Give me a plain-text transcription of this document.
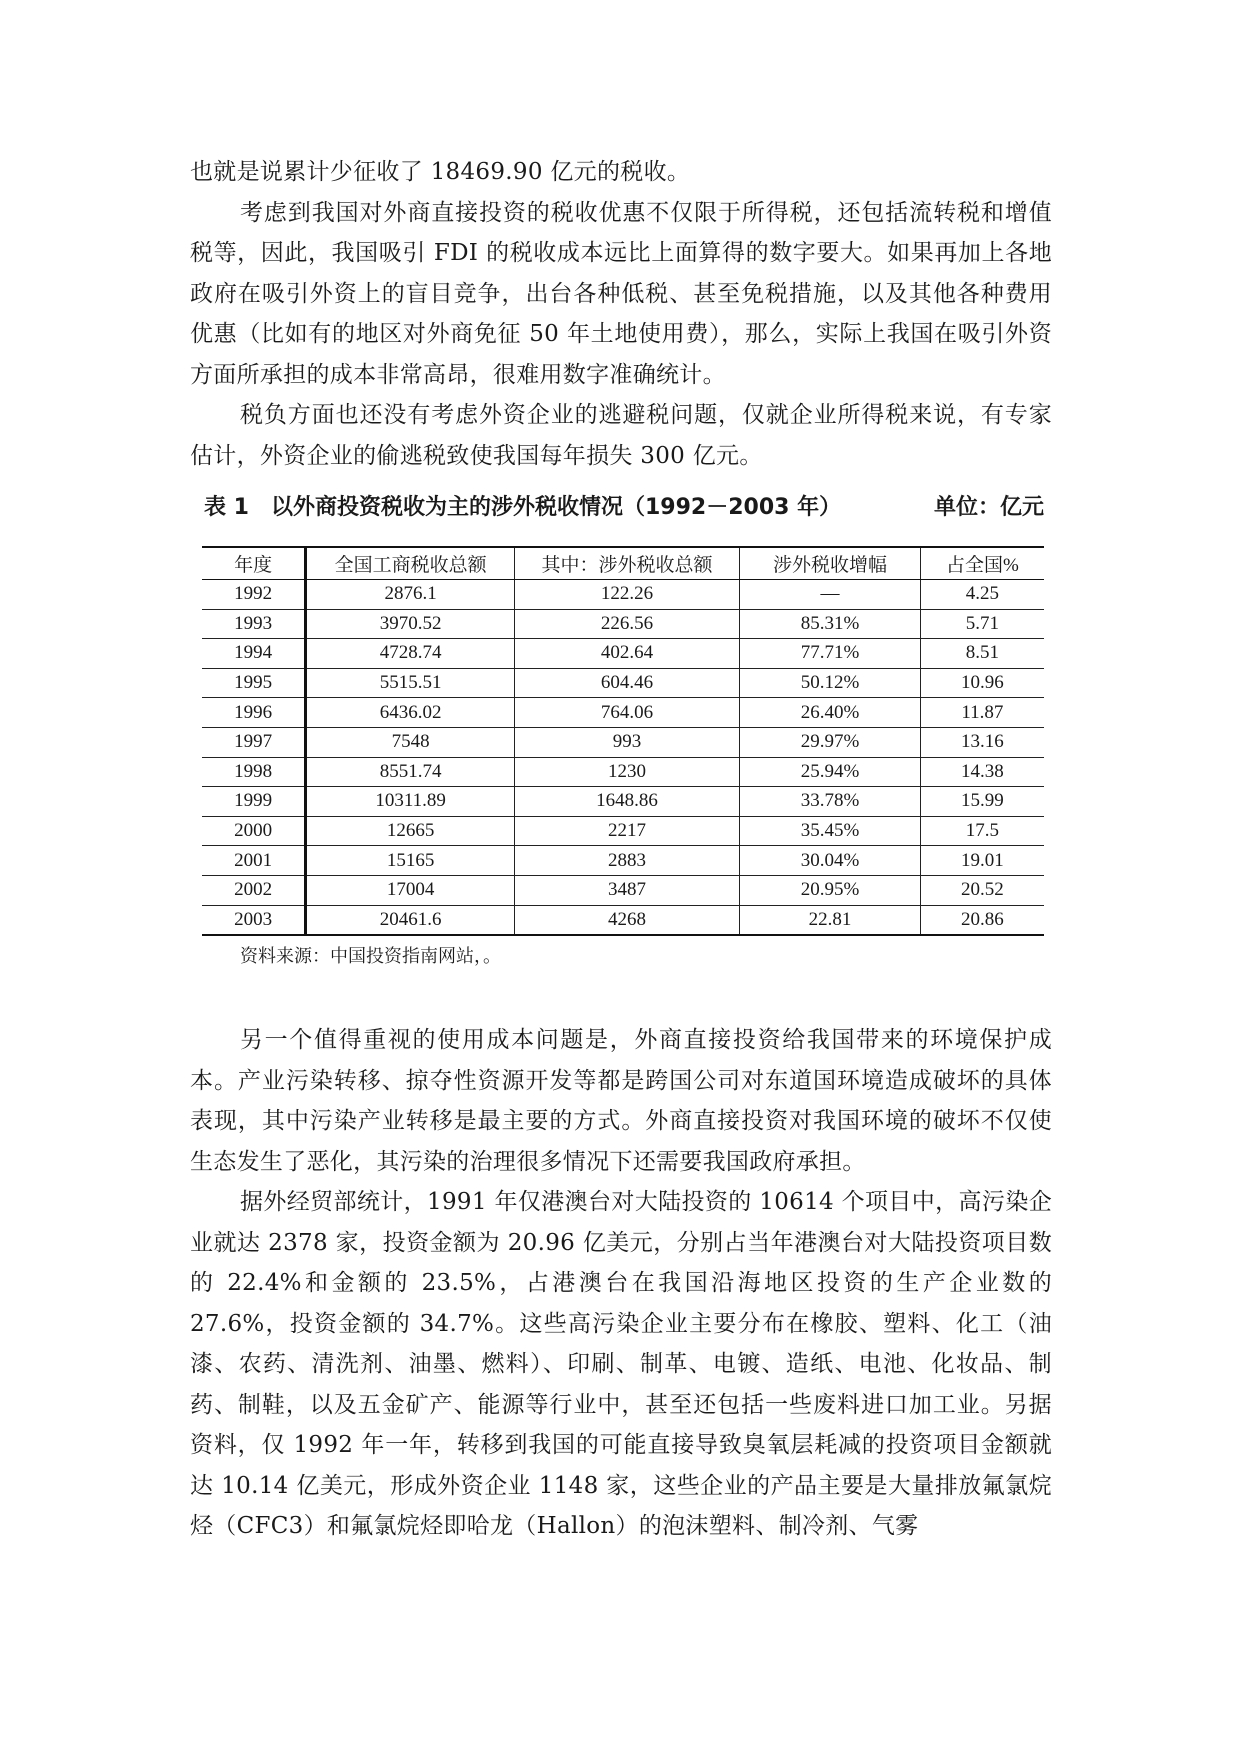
也就是说累计少征收了 18469.90 亿元的税收。

考虑到我国对外商直接投资的税收优惠不仅限于所得税，还包括流转税和增值税等，因此，我国吸引 FDI 的税收成本远比上面算得的数字要大。如果再加上各地政府在吸引外资上的盲目竞争，出台各种低税、甚至免税措施，以及其他各种费用优惠（比如有的地区对外商免征 50 年土地使用费），那么，实际上我国在吸引外资方面所承担的成本非常高昂，很难用数字准确统计。

税负方面也还没有考虑外资企业的逃避税问题，仅就企业所得税来说，有专家估计，外资企业的偷逃税致使我国每年损失 300 亿元。

表 1　以外商投资税收为主的涉外税收情况（1992－2003 年）	单位：亿元
年度	全国工商税收总额	其中：涉外税收总额	涉外税收增幅	占全国%
1992	2876.1	122.26	—	4.25
1993	3970.52	226.56	85.31%	5.71
1994	4728.74	402.64	77.71%	8.51
1995	5515.51	604.46	50.12%	10.96
1996	6436.02	764.06	26.40%	11.87
1997	7548	993	29.97%	13.16
1998	8551.74	1230	25.94%	14.38
1999	10311.89	1648.86	33.78%	15.99
2000	12665	2217	35.45%	17.5
2001	15165	2883	30.04%	19.01
2002	17004	3487	20.95%	20.52
2003	20461.6	4268	22.81	20.86
资料来源：中国投资指南网站，。

另一个值得重视的使用成本问题是，外商直接投资给我国带来的环境保护成本。产业污染转移、掠夺性资源开发等都是跨国公司对东道国环境造成破坏的具体表现，其中污染产业转移是最主要的方式。外商直接投资对我国环境的破坏不仅使生态发生了恶化，其污染的治理很多情况下还需要我国政府承担。

据外经贸部统计，1991 年仅港澳台对大陆投资的 10614 个项目中，高污染企业就达 2378 家，投资金额为 20.96 亿美元，分别占当年港澳台对大陆投资项目数的 22.4%和金额的 23.5%，占港澳台在我国沿海地区投资的生产企业数的 27.6%，投资金额的 34.7%。这些高污染企业主要分布在橡胶、塑料、化工（油漆、农药、清洗剂、油墨、燃料）、印刷、制革、电镀、造纸、电池、化妆品、制药、制鞋，以及五金矿产、能源等行业中，甚至还包括一些废料进口加工业。另据资料，仅 1992 年一年，转移到我国的可能直接导致臭氧层耗减的投资项目金额就达 10.14 亿美元，形成外资企业 1148 家，这些企业的产品主要是大量排放氟氯烷烃（CFC3）和氟氯烷烃即哈龙（Hallon）的泡沫塑料、制冷剂、气雾
